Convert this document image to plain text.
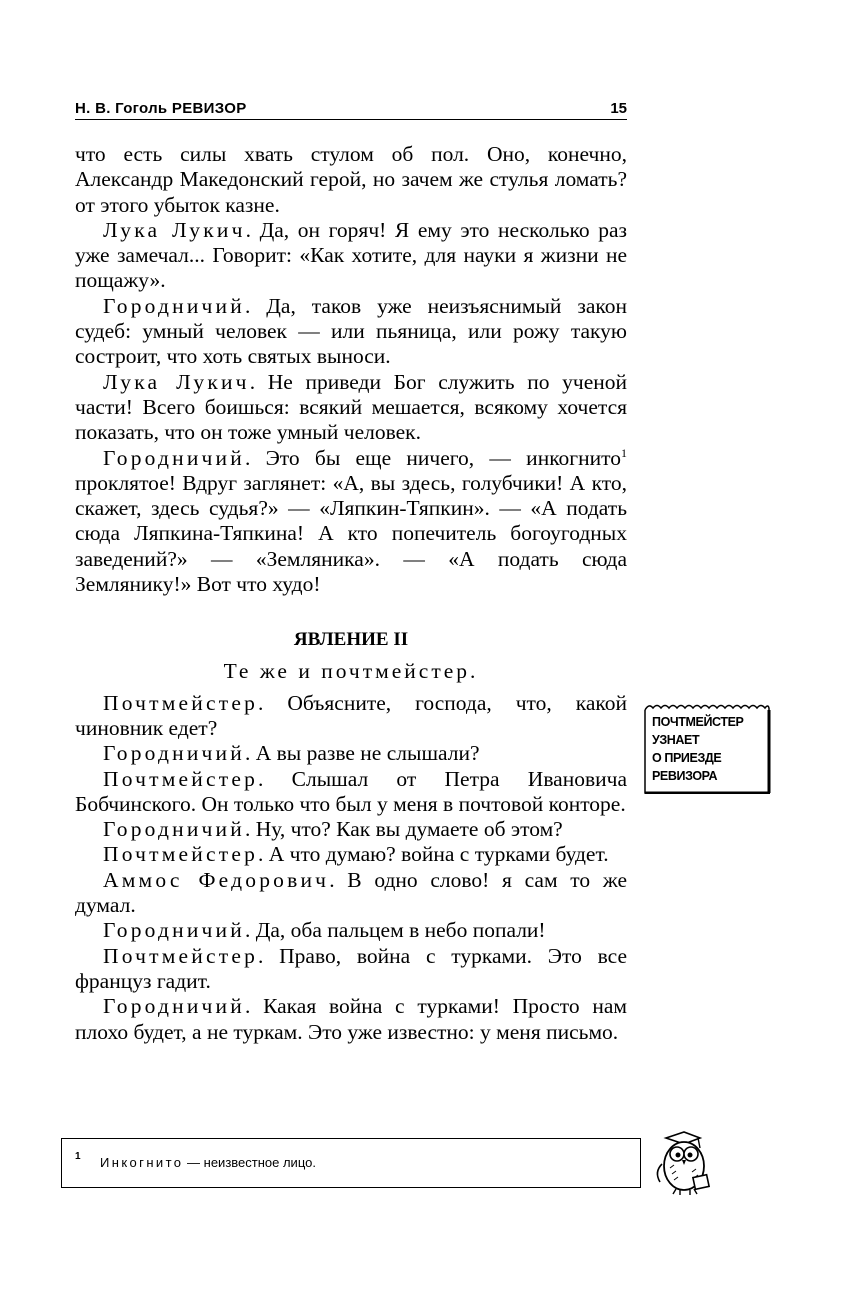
Н. В. Гоголь РЕВИЗОР	15

что есть силы хвать стулом об пол. Оно, конечно, Александр Македонский герой, но зачем же стулья ломать? от этого убыток казне.

Лука Лукич. Да, он горяч! Я ему это несколько раз уже замечал... Говорит: «Как хотите, для науки я жизни не пощажу».

Городничий. Да, таков уже неизъяснимый закон судеб: умный человек — или пьяница, или рожу такую состроит, что хоть святых выноси.

Лука Лукич. Не приведи Бог служить по ученой части! Всего боишься: всякий мешается, всякому хочется показать, что он тоже умный человек.

Городничий. Это бы еще ничего, — инкогнито$^1$ проклятое! Вдруг заглянет: «А, вы здесь, голубчики! А кто, скажет, здесь судья?» — «Ляпкин-Тяпкин». — «А подать сюда Ляпкина-Тяпкина! А кто попечитель богоугодных заведений?» — «Земляника». — «А подать сюда Землянику!» Вот что худо!

ЯВЛЕНИЕ II
Те же и почтмейстер.

Почтмейстер. Объясните, господа, что, какой чиновник едет?

Городничий. А вы разве не слышали?

Почтмейстер. Слышал от Петра Ивановича Бобчинского. Он только что был у меня в почтовой конторе.

Городничий. Ну, что? Как вы думаете об этом?

Почтмейстер. А что думаю? война с турками будет.

Аммос Федорович. В одно слово! я сам то же думал.

Городничий. Да, оба пальцем в небо попали!

Почтмейстер. Право, война с турками. Это все француз гадит.

Городничий. Какая война с турками! Просто нам плохо будет, а не туркам. Это уже известно: у меня письмо.

ПОЧТМЕЙСТЕР
УЗНАЕТ
О ПРИЕЗДЕ
РЕВИЗОРА
1 Инкогнито — неизвестное лицо.
